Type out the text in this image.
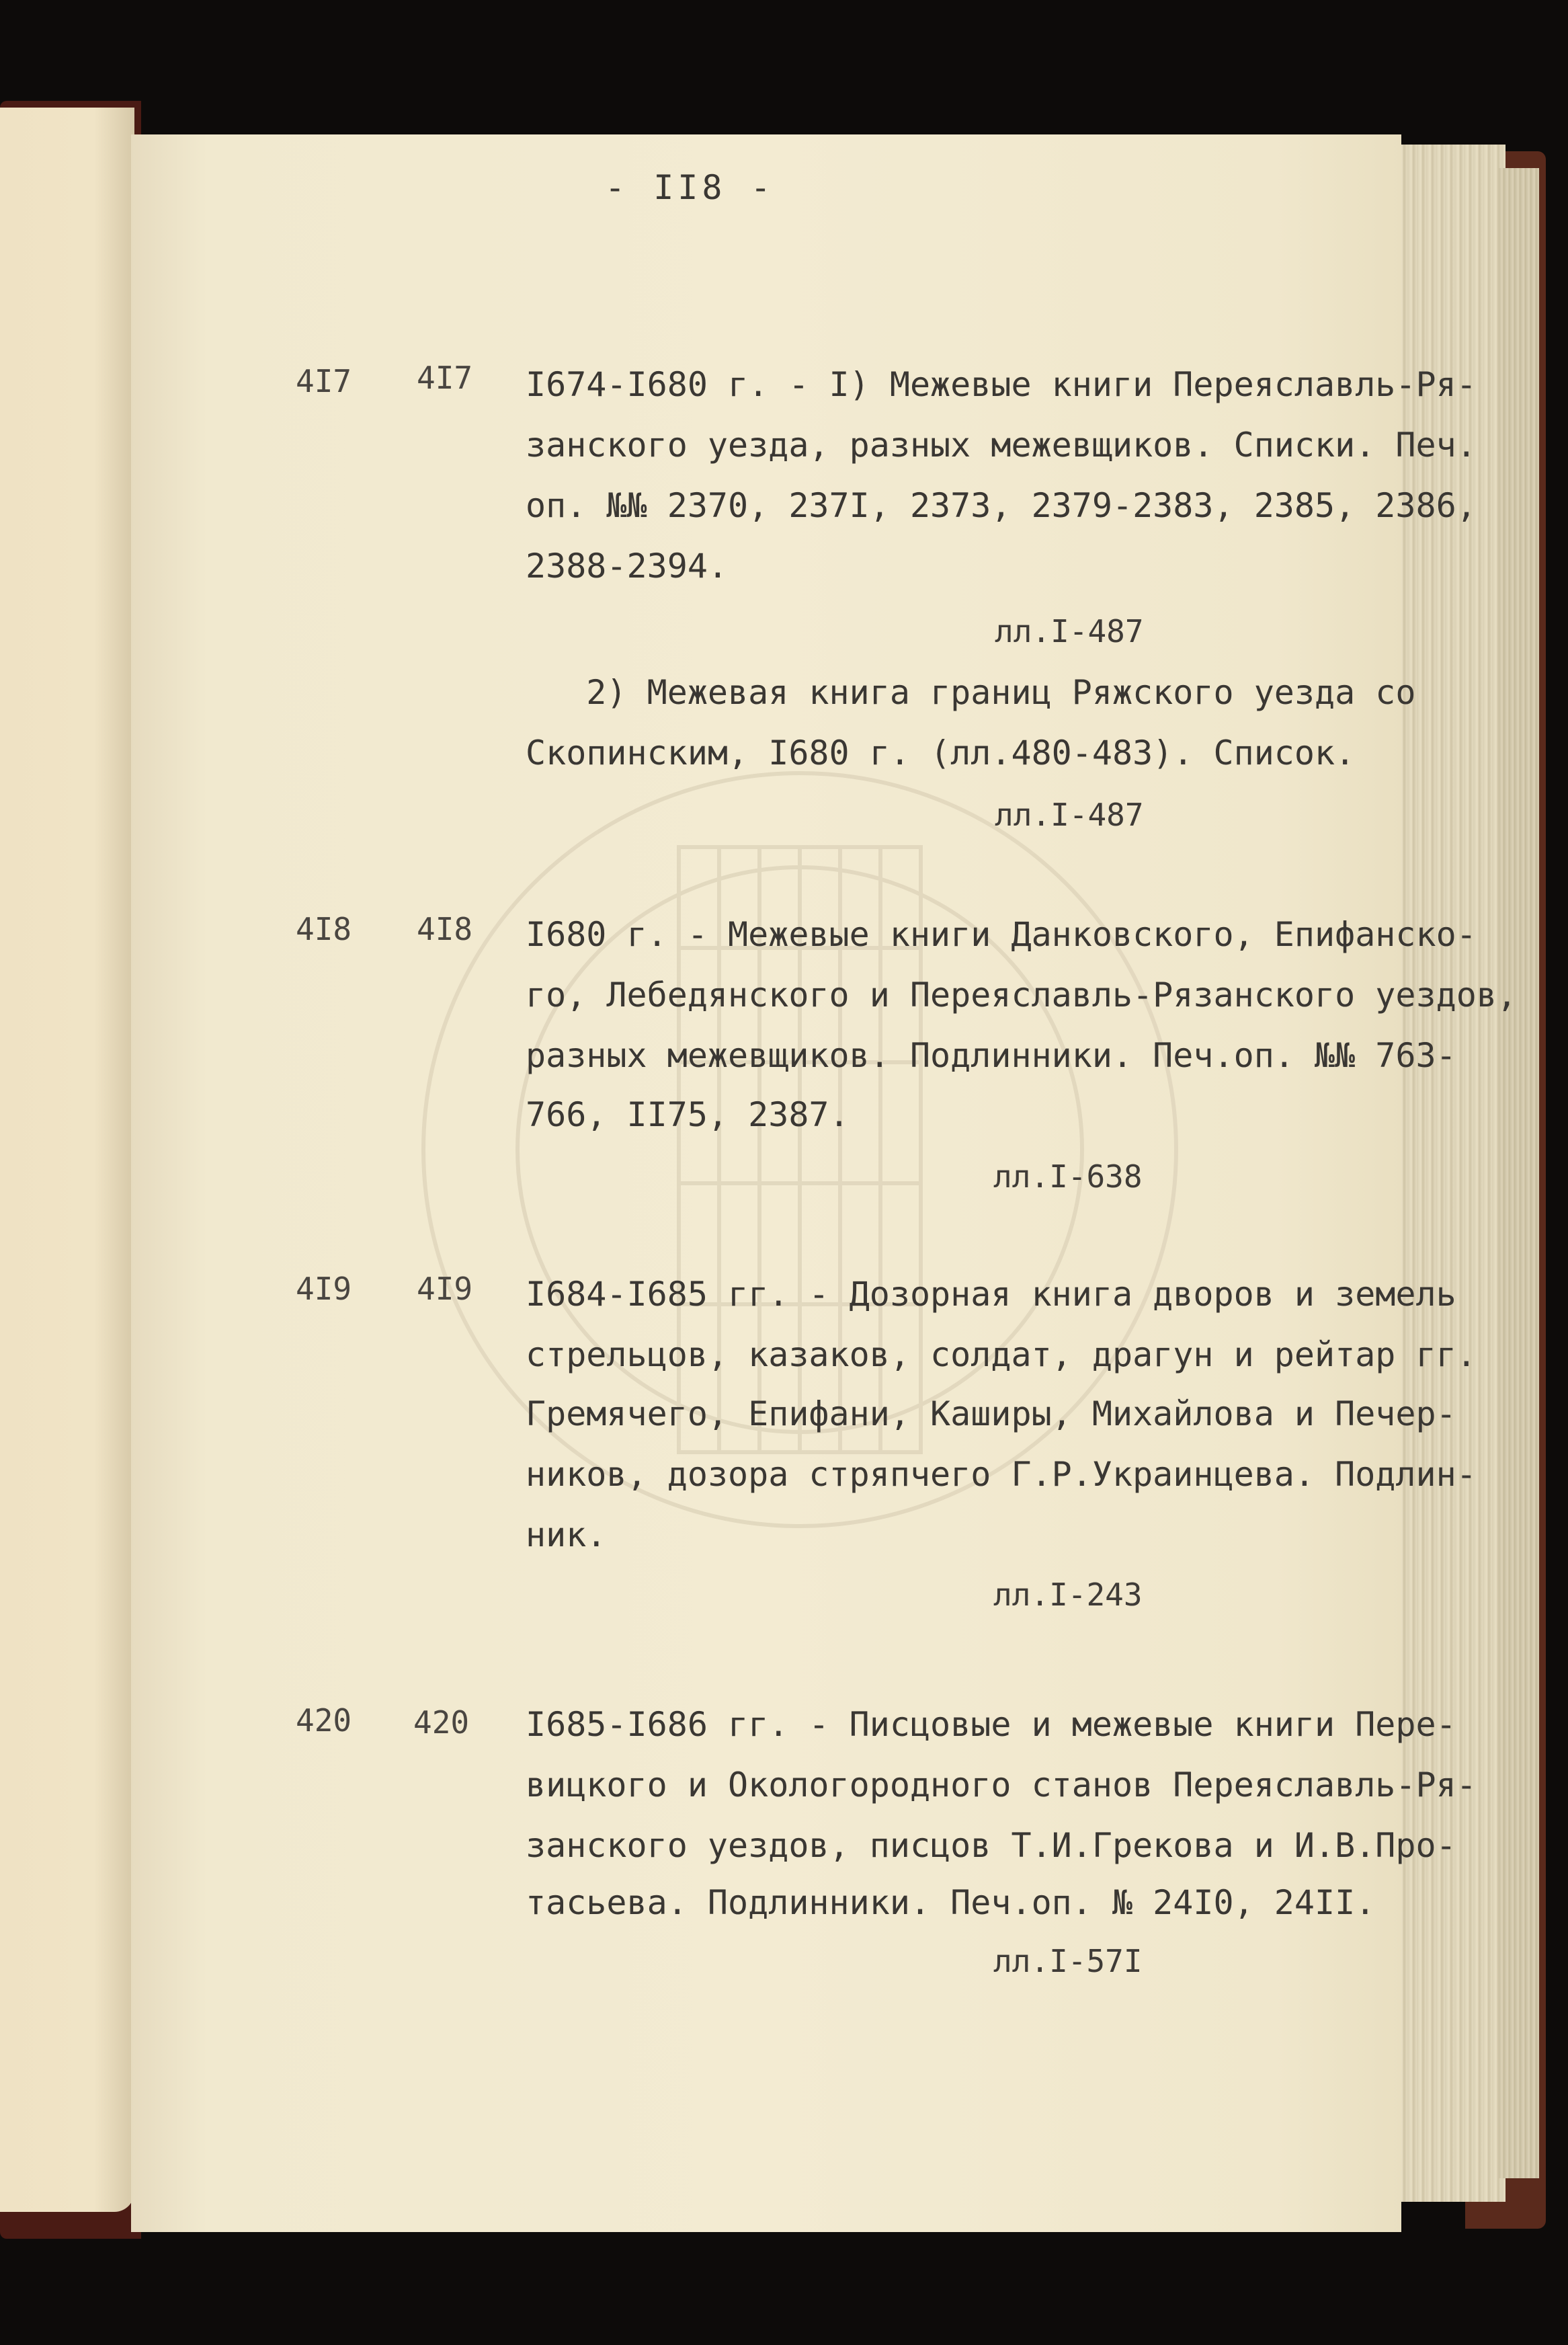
- II8 -
4I7 4I7 I674-I680 г. - I) Межевые книги Переяславль-Ря-
занского уезда, разных межевщиков. Списки. Печ.
оп. №№ 2370, 237I, 2373, 2379-2383, 2385, 2386,
2388-2394.
лл.I-487
2) Межевая книга границ Ряжского уезда со
Скопинским, I680 г. (лл.480-483). Список.
лл.I-487
4I8 4I8 I680 г. - Межевые книги Данковского, Епифанско-
го, Лебедянского и Переяславль-Рязанского уездов,
разных межевщиков. Подлинники. Печ.оп. №№ 763-
766, II75, 2387.
лл.I-638
4I9 4I9 I684-I685 гг. - Дозорная книга дворов и земель
стрельцов, казаков, солдат, драгун и рейтар гг.
Гремячего, Епифани, Каширы, Михайлова и Печер-
ников, дозора стряпчего Г.Р.Украинцева. Подлин-
ник.
лл.I-243
420 420 I685-I686 гг. - Писцовые и межевые книги Пере-
вицкого и Окологородного станов Переяславль-Ря-
занского уездов, писцов Т.И.Грекова и И.В.Про-
тасьева. Подлинники. Печ.оп. № 24I0, 24II.
лл.I-57I
